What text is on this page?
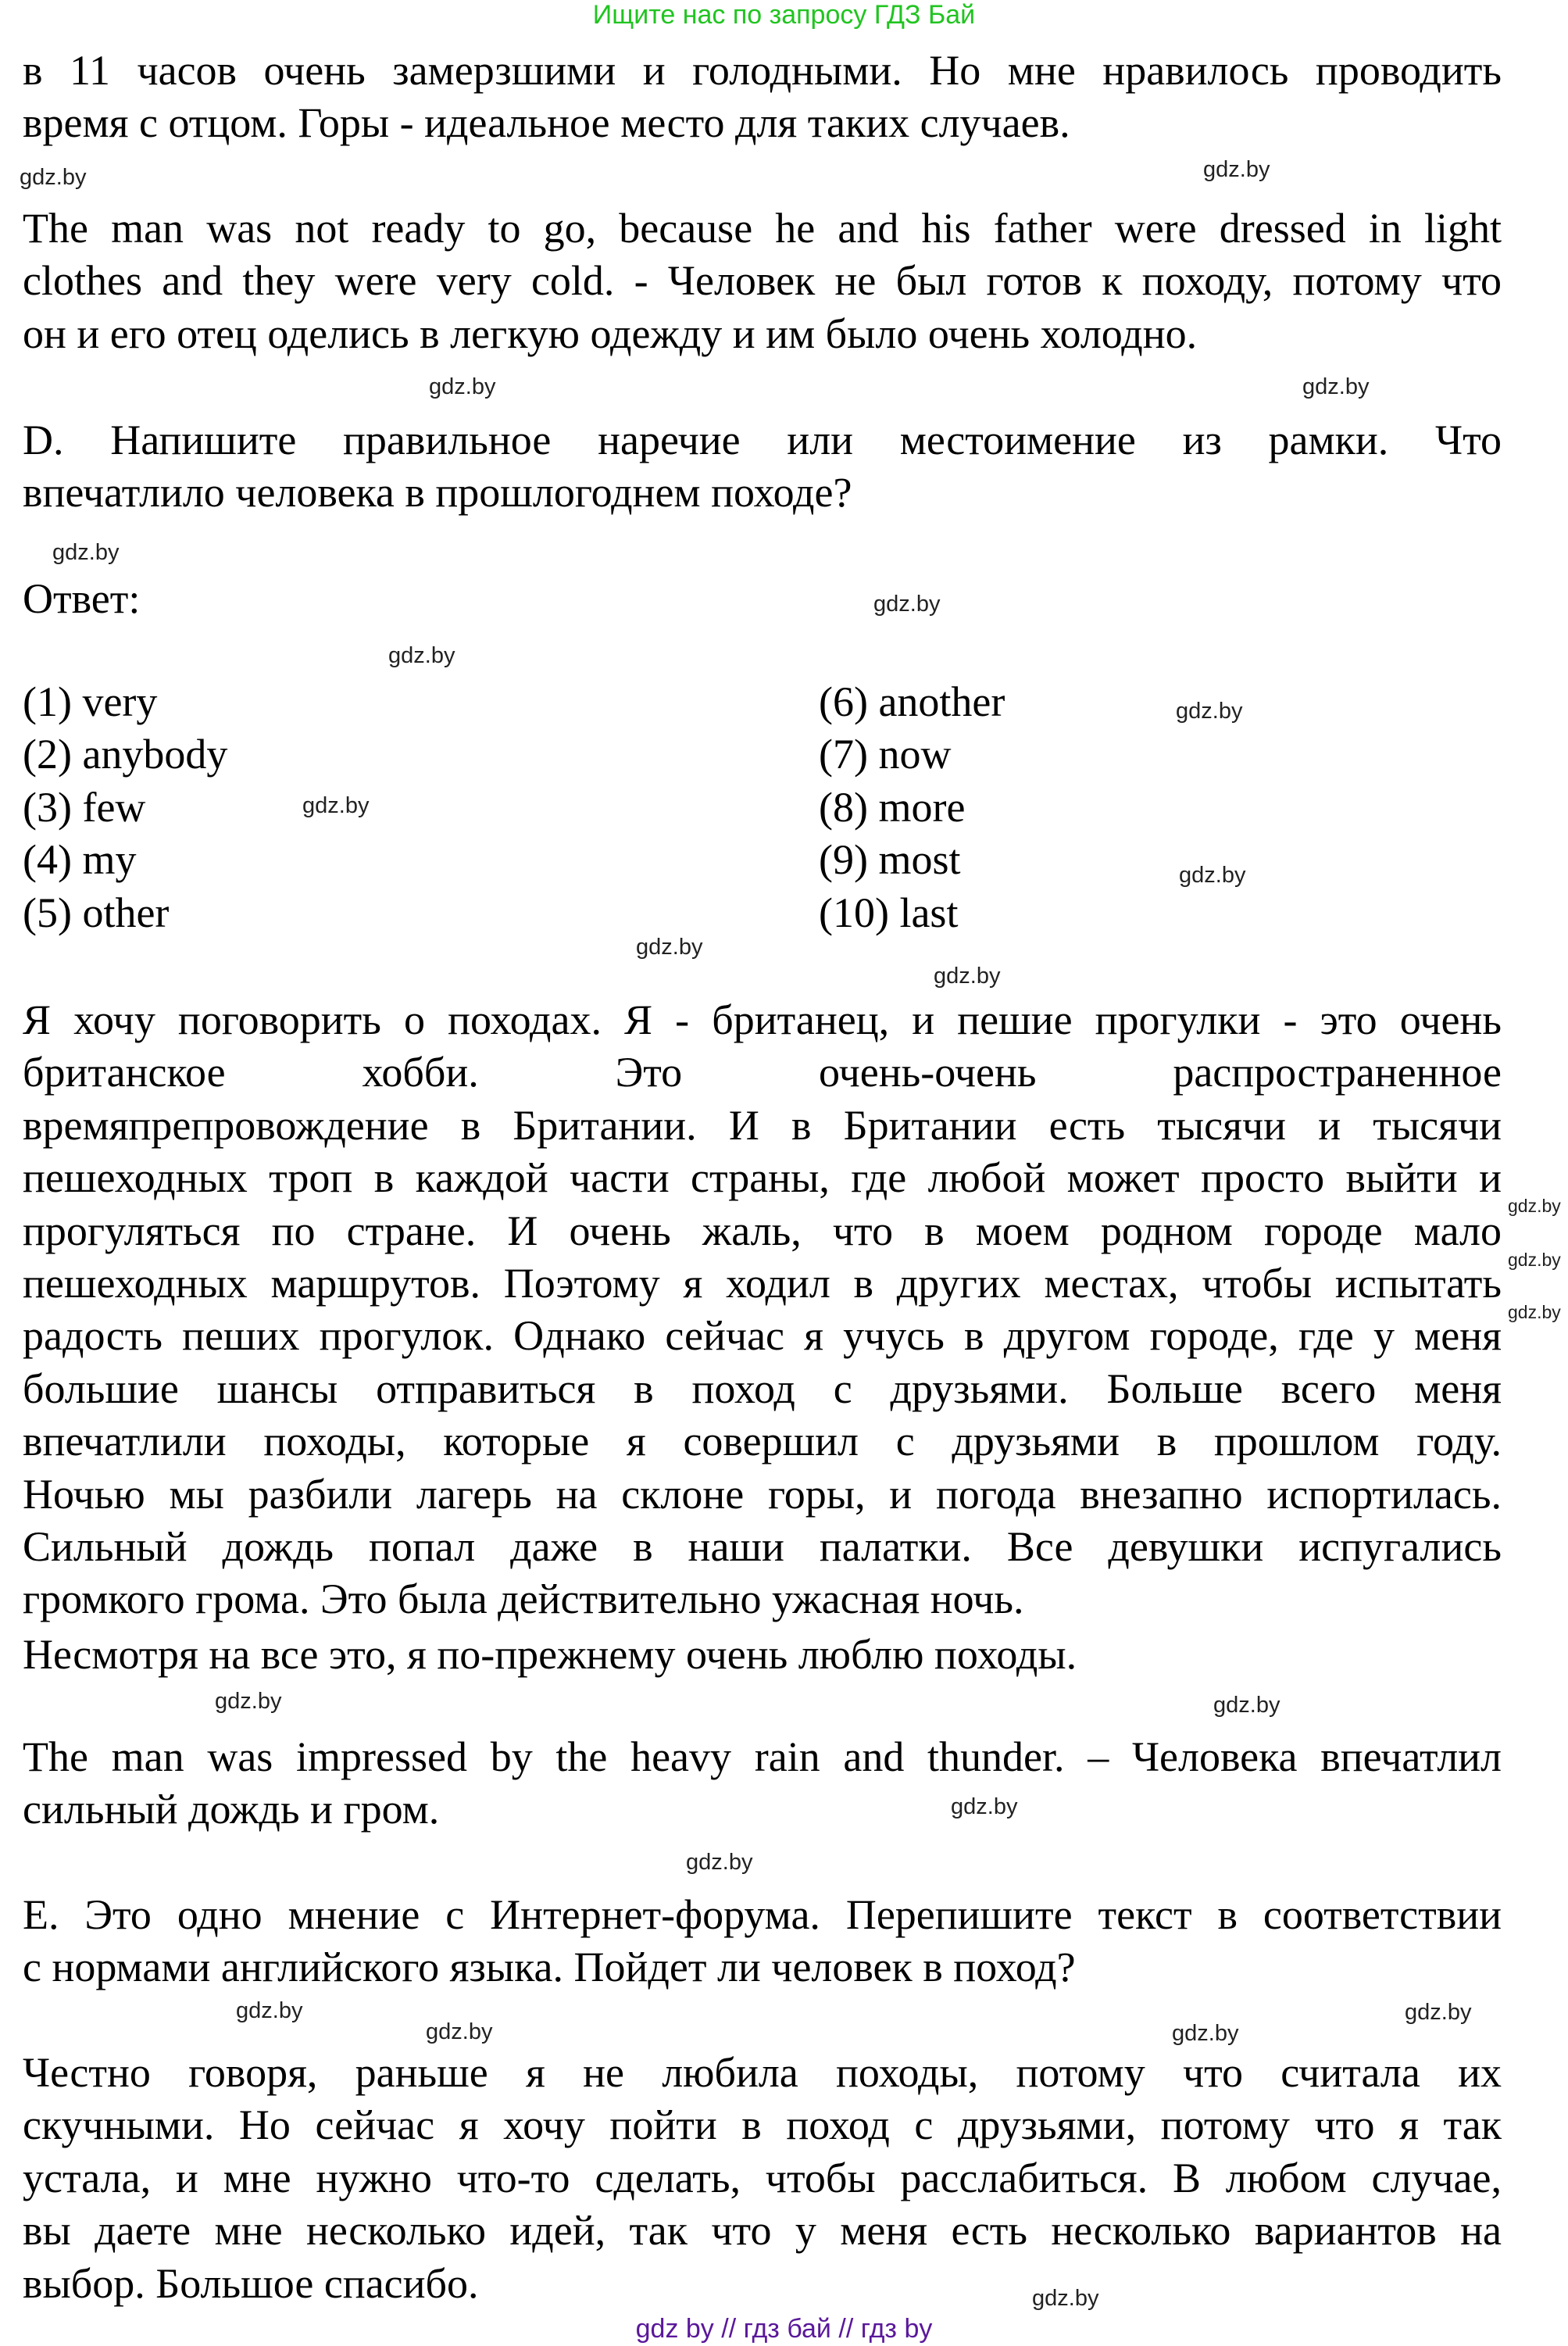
Ищите нас по запросу ГДЗ Бай
в 11 часов очень замерзшими и голодными. Но мне нравилось проводить
время с отцом. Горы - идеальное место для таких случаев.
The man was not ready to go, because he and his father were dressed in light
clothes and they were very cold. - Человек не был готов к походу, потому что
он и его отец оделись в легкую одежду и им было очень холодно.
D. Напишите правильное наречие или местоимение из рамки. Что
впечатлило человека в прошлогоднем походе?
Ответ:
(1) very
(2) anybody
(3) few
(4) my
(5) other
(6) another
(7) now
(8) more
(9) most
(10) last
Я хочу поговорить о походах. Я - британец, и пешие прогулки - это очень
британское хобби. Это очень-очень распространенное
времяпрепровождение в Британии. И в Британии есть тысячи и тысячи
пешеходных троп в каждой части страны, где любой может просто выйти и
прогуляться по стране. И очень жаль, что в моем родном городе мало
пешеходных маршрутов. Поэтому я ходил в других местах, чтобы испытать
радость пеших прогулок. Однако сейчас я учусь в другом городе, где у меня
большие шансы отправиться в поход с друзьями. Больше всего меня
впечатлили походы, которые я совершил с друзьями в прошлом году.
Ночью мы разбили лагерь на склоне горы, и погода внезапно испортилась.
Сильный дождь попал даже в наши палатки. Все девушки испугались
громкого грома. Это была действительно ужасная ночь.
Несмотря на все это, я по-прежнему очень люблю походы.
The man was impressed by the heavy rain and thunder. – Человека впечатлил
сильный дождь и гром.
E. Это одно мнение с Интернет-форума. Перепишите текст в соответствии
с нормами английского языка. Пойдет ли человек в поход?
Честно говоря, раньше я не любила походы, потому что считала их
скучными. Но сейчас я хочу пойти в поход с друзьями, потому что я так
устала, и мне нужно что-то сделать, чтобы расслабиться. В любом случае,
вы даете мне несколько идей, так что у меня есть несколько вариантов на
выбор. Большое спасибо.
gdz.by
gdz.by
gdz.by
gdz.by
gdz.by
gdz.by
gdz.by
gdz.by
gdz.by
gdz.by
gdz.by
gdz.by
gdz.by
gdz.by
gdz.by
gdz.by
gdz.by
gdz.by
gdz.by
gdz.by
gdz.by
gdz.by	gdz.by
gdz.by
gdz by // гдз бай // гдз by
